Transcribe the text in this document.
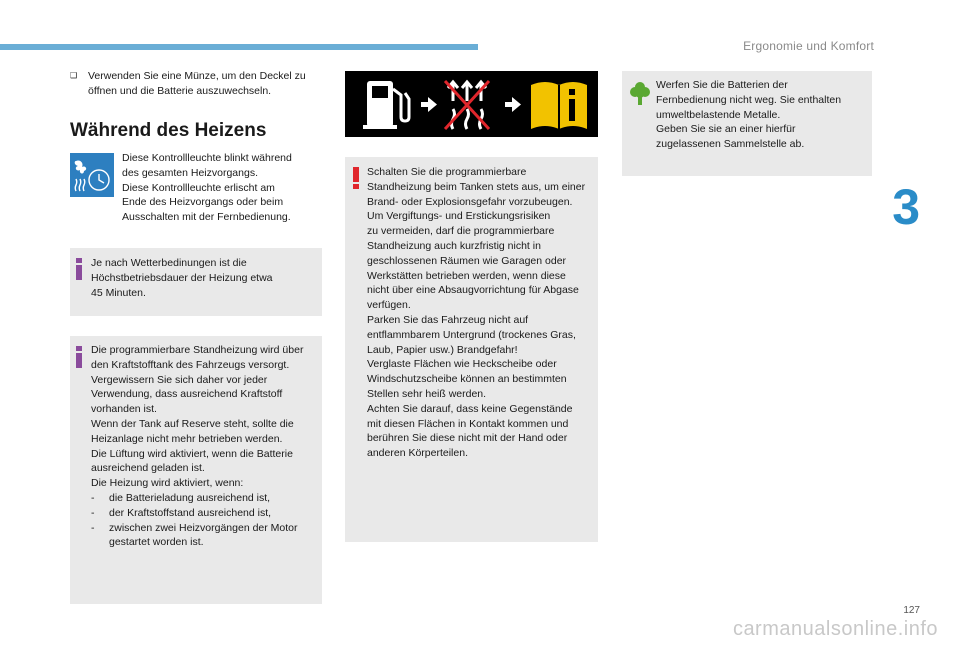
Ergonomie und Komfort
3
❑	Verwenden Sie eine Münze, um den Deckel zu öffnen und die Batterie auszuwechseln.

Während des Heizens
Diese Kontrollleuchte blinkt während
des gesamten Heizvorgangs.
Diese Kontrollleuchte erlischt am
Ende des Heizvorgangs oder beim
Ausschalten mit der Fernbedienung.
Je nach Wetterbedinungen ist die
Höchstbetriebsdauer der Heizung etwa
45 Minuten.
Die programmierbare Standheizung wird über
den Kraftstofftank des Fahrzeugs versorgt.
Vergewissern Sie sich daher vor jeder
Verwendung, dass ausreichend Kraftstoff
vorhanden ist.
Wenn der Tank auf Reserve steht, sollte die
Heizanlage nicht mehr betrieben werden.
Die Lüftung wird aktiviert, wenn die Batterie
ausreichend geladen ist.
Die Heizung wird aktiviert, wenn:
- die Batterieladung ausreichend ist,
- der Kraftstoffstand ausreichend ist,
- zwischen zwei Heizvorgängen der Motor
gestartet worden ist.
Schalten Sie die programmierbare
Standheizung beim Tanken stets aus, um einer
Brand- oder Explosionsgefahr vorzubeugen.
Um Vergiftungs- und Erstickungsrisiken
zu vermeiden, darf die programmierbare
Standheizung auch kurzfristig nicht in
geschlossenen Räumen wie Garagen oder
Werkstätten betrieben werden, wenn diese
nicht über eine Absaugvorrichtung für Abgase
verfügen.
Parken Sie das Fahrzeug nicht auf
entflammbarem Untergrund (trockenes Gras,
Laub, Papier usw.) Brandgefahr!
Verglaste Flächen wie Heckscheibe oder
Windschutzscheibe können an bestimmten
Stellen sehr heiß werden.
Achten Sie darauf, dass keine Gegenstände
mit diesen Flächen in Kontakt kommen und
berühren Sie diese nicht mit der Hand oder
anderen Körperteilen.
Werfen Sie die Batterien der
Fernbedienung nicht weg. Sie enthalten
umweltbelastende Metalle.
Geben Sie sie an einer hierfür
zugelassenen Sammelstelle ab.
127
carmanualsonline.info
